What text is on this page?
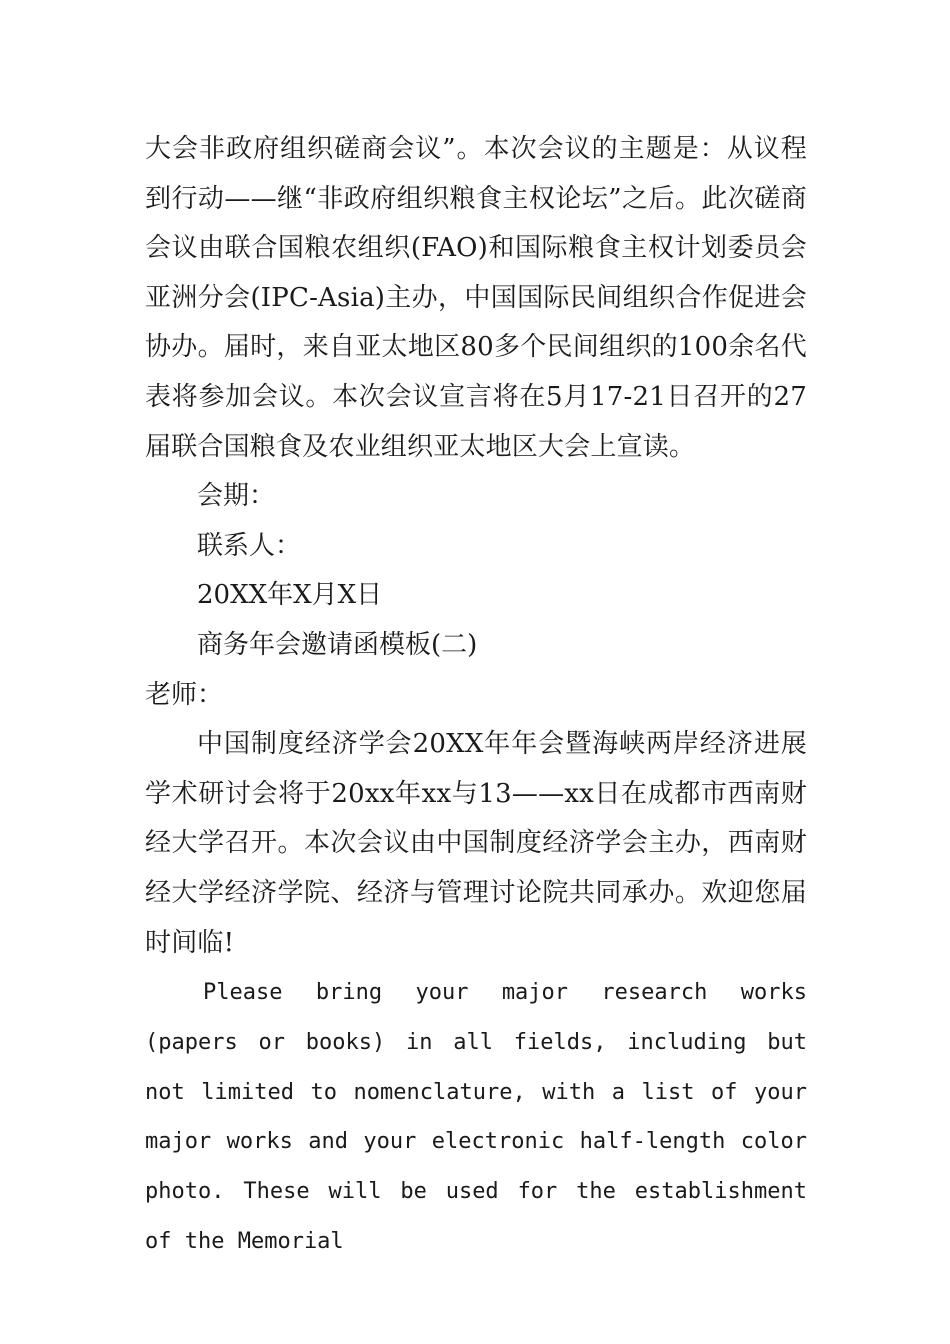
大会非政府组织磋商会议”。本次会议的主题是：从议程到行动——继“非政府组织粮食主权论坛”之后。此次磋商会议由联合国粮农组织(FAO)和国际粮食主权计划委员会亚洲分会(IPC-Asia)主办，中国国际民间组织合作促进会协办。届时，来自亚太地区80多个民间组织的100余名代表将参加会议。本次会议宣言将在5月17-21日召开的27届联合国粮食及农业组织亚太地区大会上宣读。

会期：

联系人：

20XX年X月X日

商务年会邀请函模板(二)

老师：

中国制度经济学会20XX年年会暨海峡两岸经济进展学术研讨会将于20xx年xx与13——xx日在成都市西南财经大学召开。本次会议由中国制度经济学会主办，西南财经大学经济学院、经济与管理讨论院共同承办。欢迎您届时间临!

Please bring your major research works (papers or books) in all fields, including but not limited to nomenclature, with a list of your major works and your electronic half-length color photo. These will be used for the establishment of the Memorial
